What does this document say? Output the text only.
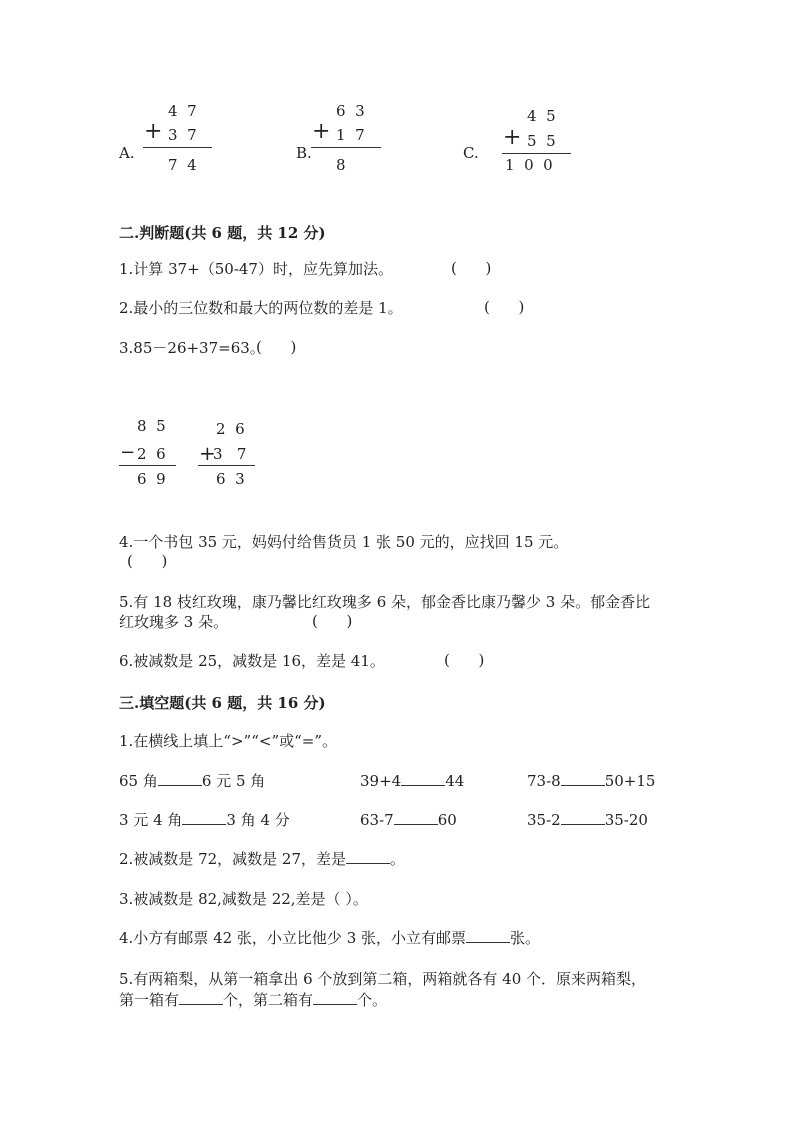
A.
4  7
+ 3  7
7  4
B.
6  3
+ 1  7
8
C.
4  5
+ 5  5
1  0  0
二.判断题(共 6 题，共 12 分)
1.计算 37+（50-47）时，应先算加法。	(      )
2.最小的三位数和最大的两位数的差是 1。	(      )
3.85－26+37=63。
(      )
8  5
− 2  6
6  9
2  6
+
3   7
6  3
4.一个书包 35 元，妈妈付给售货员 1 张 50 元的，应找回 15 元。
(      )
5.有 18 枝红玫瑰，康乃馨比红玫瑰多 6 朵，郁金香比康乃馨少 3 朵。郁金香比
红玫瑰多 3 朵。	(      )
6.被减数是 25，减数是 16，差是 41。	(      )
三.填空题(共 6 题，共 16 分)
1.在横线上填上“>”“<”或“=”。
65 角	6 元 5 角	39+4	44	73-8	50+15
3 元 4 角	3 角 4 分	63-7	60	35-2	35-20
2.被减数是 72，减数是 27，差是	。
3.被减数是 82,减数是 22,差是（ ）。
4.小方有邮票 42 张，小立比他少 3 张，小立有邮票	张。
5.有两箱梨，从第一箱拿出 6 个放到第二箱，两箱就各有 40 个．原来两箱梨，
第一箱有	个，第二箱有	个。
